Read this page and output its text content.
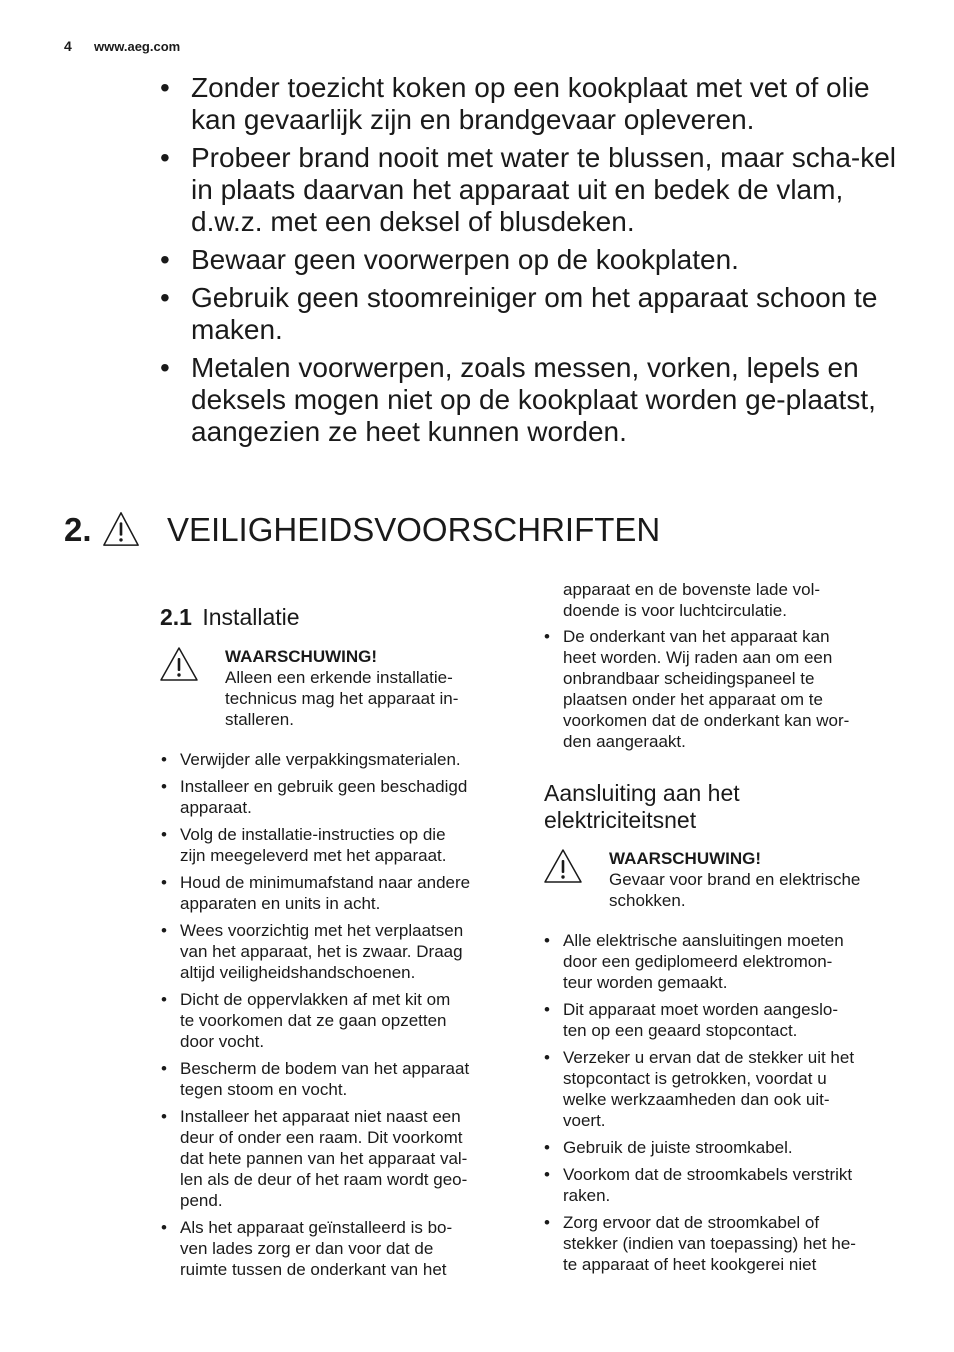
4 www.aeg.com
• Zonder toezicht koken op een kookplaat met vet of olie kan gevaarlijk zijn en brandgevaar opleveren.
• Probeer brand nooit met water te blussen, maar scha-kel in plaats daarvan het apparaat uit en bedek de vlam, d.w.z. met een deksel of blusdeken.
• Bewaar geen voorwerpen op de kookplaten.
• Gebruik geen stoomreiniger om het apparaat schoon te maken.
• Metalen voorwerpen, zoals messen, vorken, lepels en deksels mogen niet op de kookplaat worden ge-plaatst, aangezien ze heet kunnen worden.
2. VEILIGHEIDSVOORSCHRIFTEN
2.1 Installatie
WAARSCHUWING!
Alleen een erkende installatie-
technicus mag het apparaat in-
stalleren.
• Verwijder alle verpakkingsmaterialen.
• Installeer en gebruik geen beschadigd
apparaat.
• Volg de installatie-instructies op die
zijn meegeleverd met het apparaat.
• Houd de minimumafstand naar andere
apparaten en units in acht.
• Wees voorzichtig met het verplaatsen
van het apparaat, het is zwaar. Draag
altijd veiligheidshandschoenen.
• Dicht de oppervlakken af met kit om
te voorkomen dat ze gaan opzetten
door vocht.
• Bescherm de bodem van het apparaat
tegen stoom en vocht.
• Installeer het apparaat niet naast een
deur of onder een raam. Dit voorkomt
dat hete pannen van het apparaat val-
len als de deur of het raam wordt geo-
pend.
• Als het apparaat geïnstalleerd is bo-
ven lades zorg er dan voor dat de
ruimte tussen de onderkant van het
apparaat en de bovenste lade vol-
doende is voor luchtcirculatie.
• De onderkant van het apparaat kan
heet worden. Wij raden aan om een
onbrandbaar scheidingspaneel te
plaatsen onder het apparaat om te
voorkomen dat de onderkant kan wor-
den aangeraakt.
Aansluiting aan het
elektriciteitsnet
WAARSCHUWING!
Gevaar voor brand en elektrische
schokken.
• Alle elektrische aansluitingen moeten
door een gediplomeerd elektromon-
teur worden gemaakt.
• Dit apparaat moet worden aangeslo-
ten op een geaard stopcontact.
• Verzeker u ervan dat de stekker uit het
stopcontact is getrokken, voordat u
welke werkzaamheden dan ook uit-
voert.
• Gebruik de juiste stroomkabel.
• Voorkom dat de stroomkabels verstrikt
raken.
• Zorg ervoor dat de stroomkabel of
stekker (indien van toepassing) het he-
te apparaat of heet kookgerei niet
